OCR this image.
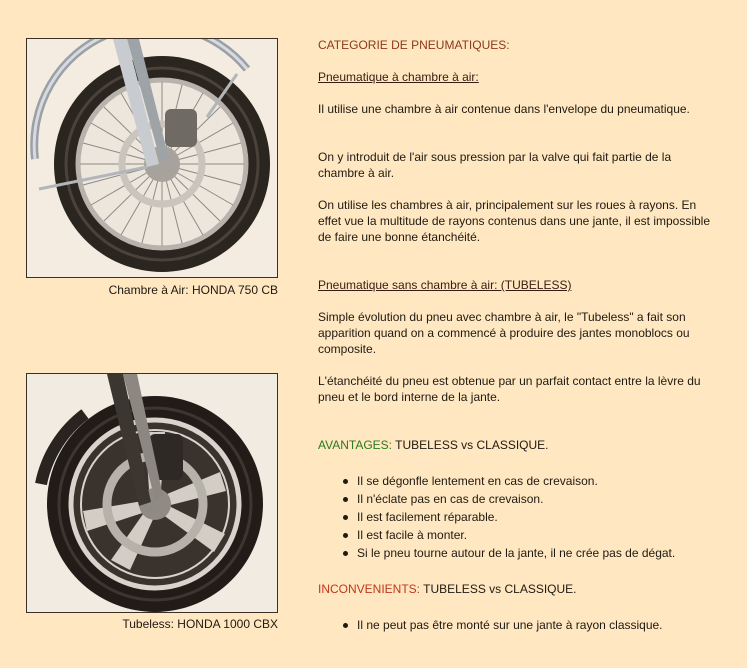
Chambre à Air: HONDA 750 CB
Tubeless: HONDA 1000 CBX
CATEGORIE DE PNEUMATIQUES:
Pneumatique à chambre à air:

Il utilise une chambre à air contenue dans l'envelope du pneumatique.

On y introduit de l'air sous pression par la valve qui fait partie de la chambre à air.

On utilise les chambres à air, principalement sur les roues à rayons. En effet vue la multitude de rayons contenus dans une jante, il est impossible de faire une bonne étanchéité.

Pneumatique sans chambre à air: (TUBELESS)

Simple évolution du pneu avec chambre à air, le "Tubeless" a fait son apparition quand on a commencé à produire des jantes monoblocs ou composite.

L'étanchéité du pneu est obtenue par un parfait contact entre la lèvre du pneu et le bord interne de la jante.

AVANTAGES: TUBELESS vs CLASSIQUE.
Il se dégonfle lentement en cas de crevaison.
Il n'éclate pas en cas de crevaison.
Il est facilement réparable.
Il est facile à monter.
Si le pneu tourne autour de la jante, il ne crée pas de dégat.
INCONVENIENTS: TUBELESS vs CLASSIQUE.
Il ne peut pas être monté sur une jante à rayon classique.
